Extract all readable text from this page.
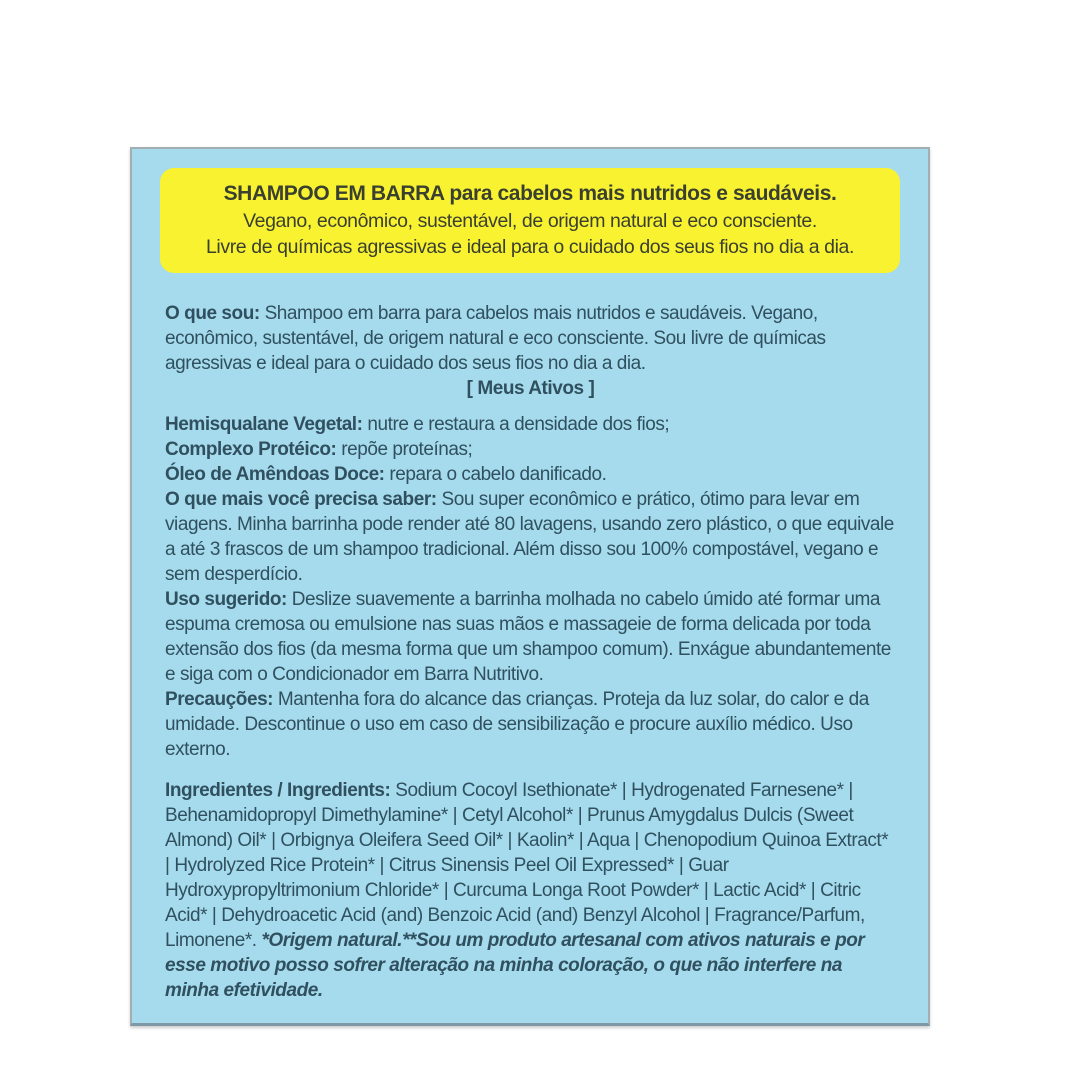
SHAMPOO EM BARRA para cabelos mais nutridos e saudáveis.
Vegano, econômico, sustentável, de origem natural e eco consciente.
Livre de químicas agressivas e ideal para o cuidado dos seus fios no dia a dia.

O que sou: Shampoo em barra para cabelos mais nutridos e saudáveis. Vegano, econômico, sustentável, de origem natural e eco consciente. Sou livre de químicas agressivas e ideal para o cuidado dos seus fios no dia a dia.

[ Meus Ativos ]

Hemisqualane Vegetal: nutre e restaura a densidade dos fios;
Complexo Protéico: repõe proteínas;
Óleo de Amêndoas Doce: repara o cabelo danificado.

O que mais você precisa saber: Sou super econômico e prático, ótimo para levar em viagens. Minha barrinha pode render até 80 lavagens, usando zero plástico, o que equivale a até 3 frascos de um shampoo tradicional. Além disso sou 100% compostável, vegano e sem desperdício.

Uso sugerido: Deslize suavemente a barrinha molhada no cabelo úmido até formar uma espuma cremosa ou emulsione nas suas mãos e massageie de forma delicada por toda extensão dos fios (da mesma forma que um shampoo comum). Enxágue abundantemente e siga com o Condicionador em Barra Nutritivo.

Precauções: Mantenha fora do alcance das crianças. Proteja da luz solar, do calor e da umidade. Descontinue o uso em caso de sensibilização e procure auxílio médico. Uso externo.

Ingredientes / Ingredients: Sodium Cocoyl Isethionate* | Hydrogenated Farnesene* | Behenamidopropyl Dimethylamine* | Cetyl Alcohol* | Prunus Amygdalus Dulcis (Sweet Almond) Oil* | Orbignya Oleifera Seed Oil* | Kaolin* | Aqua | Chenopodium Quinoa Extract* | Hydrolyzed Rice Protein* | Citrus Sinensis Peel Oil Expressed* | Guar Hydroxypropyltrimonium Chloride* | Curcuma Longa Root Powder* | Lactic Acid* | Citric Acid* | Dehydroacetic Acid (and) Benzoic Acid (and) Benzyl Alcohol | Fragrance/Parfum, Limonene*. *Origem natural.**Sou um produto artesanal com ativos naturais e por esse motivo posso sofrer alteração na minha coloração, o que não interfere na minha efetividade.
